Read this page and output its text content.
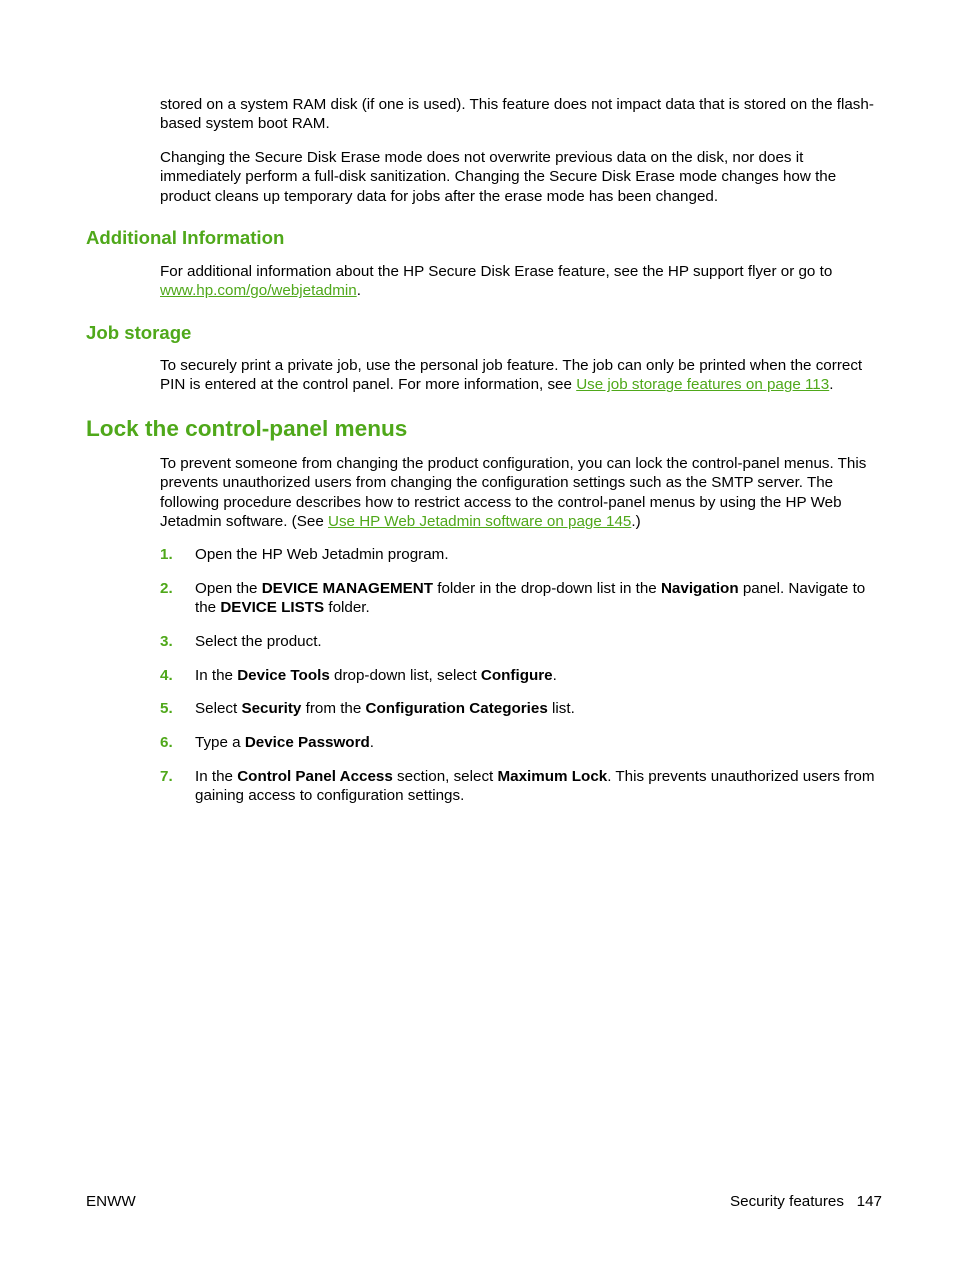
stored on a system RAM disk (if one is used). This feature does not impact data that is stored on the flash-based system boot RAM.

Changing the Secure Disk Erase mode does not overwrite previous data on the disk, nor does it immediately perform a full-disk sanitization. Changing the Secure Disk Erase mode changes how the product cleans up temporary data for jobs after the erase mode has been changed.

Additional Information

For additional information about the HP Secure Disk Erase feature, see the HP support flyer or go to www.hp.com/go/webjetadmin.

Job storage

To securely print a private job, use the personal job feature. The job can only be printed when the correct PIN is entered at the control panel. For more information, see Use job storage features on page 113.

Lock the control-panel menus

To prevent someone from changing the product configuration, you can lock the control-panel menus. This prevents unauthorized users from changing the configuration settings such as the SMTP server. The following procedure describes how to restrict access to the control-panel menus by using the HP Web Jetadmin software. (See Use HP Web Jetadmin software on page 145.)

1. Open the HP Web Jetadmin program.
2. Open the DEVICE MANAGEMENT folder in the drop-down list in the Navigation panel. Navigate to the DEVICE LISTS folder.
3. Select the product.
4. In the Device Tools drop-down list, select Configure.
5. Select Security from the Configuration Categories list.
6. Type a Device Password.
7. In the Control Panel Access section, select Maximum Lock. This prevents unauthorized users from gaining access to configuration settings.
ENWW	Security features 147
